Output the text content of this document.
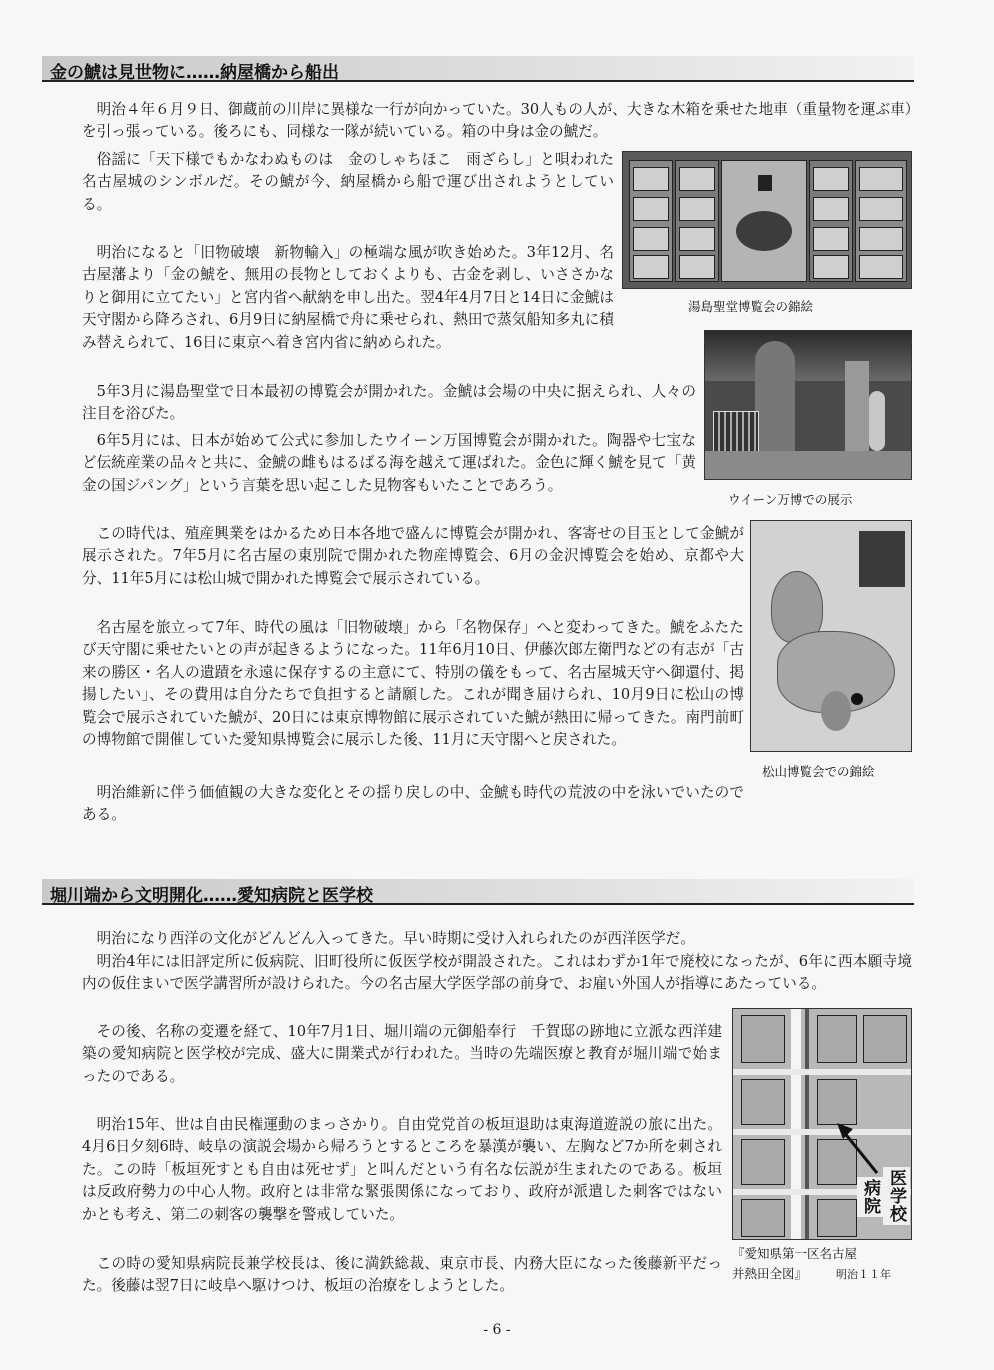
金の鯱は見世物に……納屋橋から船出

明治４年６月９日、御蔵前の川岸に異様な一行が向かっていた。30人もの人が、大きな木箱を乗せた地車（重量物を運ぶ車）を引っ張っている。後ろにも、同様な一隊が続いている。箱の中身は金の鯱だ。

俗謡に「天下様でもかなわぬものは　金のしゃちほこ　雨ざらし」と唄われた名古屋城のシンボルだ。その鯱が今、納屋橋から船で運び出されようとしている。

明治になると「旧物破壊　新物輸入」の極端な風が吹き始めた。3年12月、名古屋藩より「金の鯱を、無用の長物としておくよりも、古金を剥し、いささかなりと御用に立てたい」と宮内省へ献納を申し出た。翌4年4月7日と14日に金鯱は天守閣から降ろされ、6月9日に納屋橋で舟に乗せられ、熱田で蒸気船知多丸に積み替えられて、16日に東京へ着き宮内省に納められた。

5年3月に湯島聖堂で日本最初の博覧会が開かれた。金鯱は会場の中央に据えられ、人々の注目を浴びた。

6年5月には、日本が始めて公式に参加したウイーン万国博覧会が開かれた。陶器や七宝など伝統産業の品々と共に、金鯱の雌もはるばる海を越えて運ばれた。金色に輝く鯱を見て「黄金の国ジパング」という言葉を思い起こした見物客もいたことであろう。

この時代は、殖産興業をはかるため日本各地で盛んに博覧会が開かれ、客寄せの目玉として金鯱が展示された。7年5月に名古屋の東別院で開かれた物産博覧会、6月の金沢博覧会を始め、京都や大分、11年5月には松山城で開かれた博覧会で展示されている。

名古屋を旅立って7年、時代の風は「旧物破壊」から「名物保存」へと変わってきた。鯱をふたたび天守閣に乗せたいとの声が起きるようになった。11年6月10日、伊藤次郎左衛門などの有志が「古来の勝区・名人の遺蹟を永遠に保存するの主意にて、特別の儀をもって、名古屋城天守へ御還付、掲揚したい」、その費用は自分たちで負担すると請願した。これが聞き届けられ、10月9日に松山の博覧会で展示されていた鯱が、20日には東京博物館に展示されていた鯱が熱田に帰ってきた。南門前町の博物館で開催していた愛知県博覧会に展示した後、11月に天守閣へと戻された。

明治維新に伴う価値観の大きな変化とその揺り戻しの中、金鯱も時代の荒波の中を泳いでいたのである。

湯島聖堂博覧会の錦絵
ウイーン万博での展示
松山博覧会での錦絵
堀川端から文明開化……愛知病院と医学校

明治になり西洋の文化がどんどん入ってきた。早い時期に受け入れられたのが西洋医学だ。

明治4年には旧評定所に仮病院、旧町役所に仮医学校が開設された。これはわずか1年で廃校になったが、6年に西本願寺境内の仮住まいで医学講習所が設けられた。今の名古屋大学医学部の前身で、お雇い外国人が指導にあたっている。

その後、名称の変遷を経て、10年7月1日、堀川端の元御船奉行　千賀邸の跡地に立派な西洋建築の愛知病院と医学校が完成、盛大に開業式が行われた。当時の先端医療と教育が堀川端で始まったのである。

明治15年、世は自由民権運動のまっさかり。自由党党首の板垣退助は東海道遊説の旅に出た。4月6日夕刻6時、岐阜の演説会場から帰ろうとするところを暴漢が襲い、左胸など7か所を刺された。この時「板垣死すとも自由は死せず」と叫んだという有名な伝説が生まれたのである。板垣は反政府勢力の中心人物。政府とは非常な緊張関係になっており、政府が派遣した刺客ではないかとも考え、第二の刺客の襲撃を警戒していた。

この時の愛知県病院長兼学校長は、後に満鉄総裁、東京市長、内務大臣になった後藤新平だった。後藤は翌7日に岐阜へ駆けつけ、板垣の治療をしようとした。

医学校
病院
『愛知県第一区名古屋
并熱田全図』	明治１１年
- 6 -
